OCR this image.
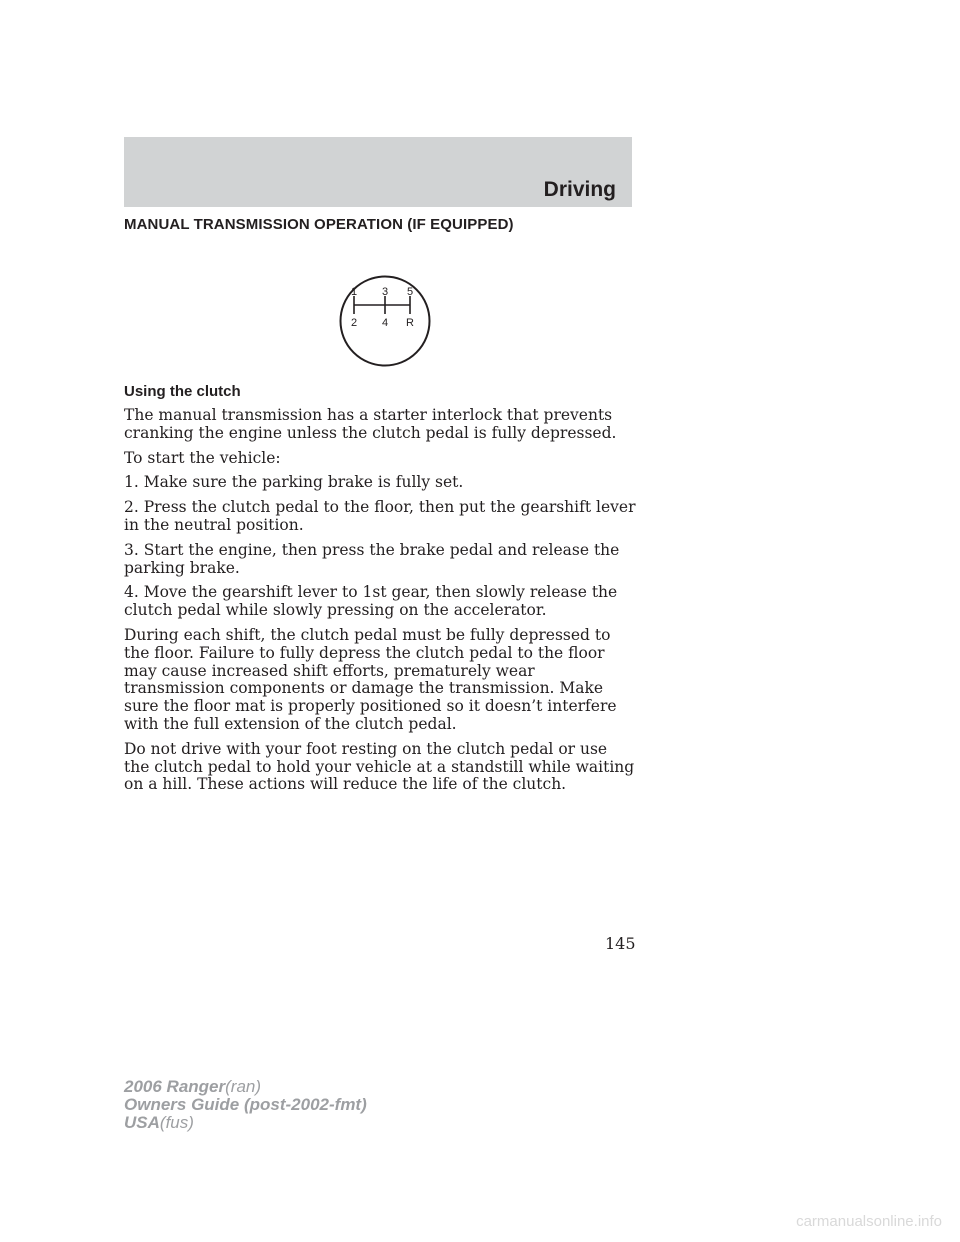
Driving
MANUAL TRANSMISSION OPERATION (IF EQUIPPED)
1 3 5
2 4 R
Using the clutch

The manual transmission has a starter interlock that prevents cranking the engine unless the clutch pedal is fully depressed.

To start the vehicle:

1. Make sure the parking brake is fully set.

2. Press the clutch pedal to the floor, then put the gearshift lever in the neutral position.

3. Start the engine, then press the brake pedal and release the parking brake.

4. Move the gearshift lever to 1st gear, then slowly release the clutch pedal while slowly pressing on the accelerator.

During each shift, the clutch pedal must be fully depressed to the floor. Failure to fully depress the clutch pedal to the floor may cause increased shift efforts, prematurely wear transmission components or damage the transmission. Make sure the floor mat is properly positioned so it doesn’t interfere with the full extension of the clutch pedal.

Do not drive with your foot resting on the clutch pedal or use the clutch pedal to hold your vehicle at a standstill while waiting on a hill. These actions will reduce the life of the clutch.

145
2006 Ranger(ran)
Owners Guide (post-2002-fmt)
USA(fus)
carmanualsonline.info
